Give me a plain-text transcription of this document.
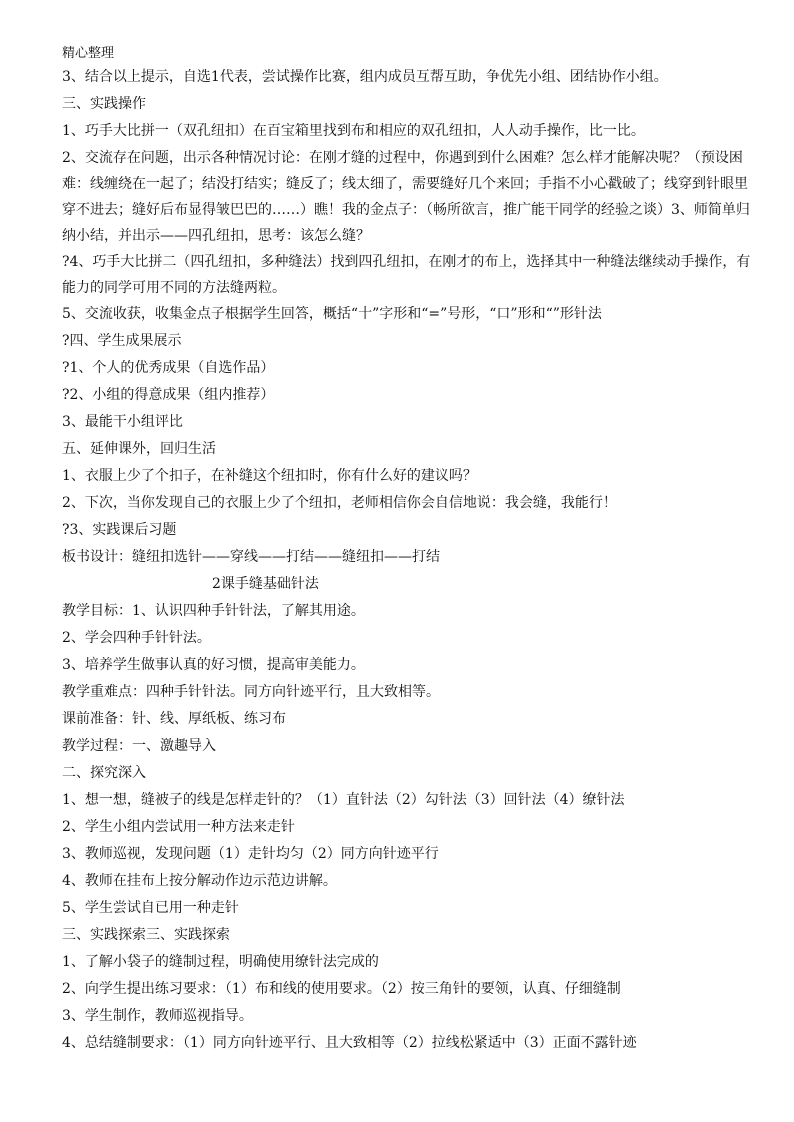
精心整理

3、结合以上提示，自选1代表，尝试操作比赛，组内成员互帮互助，争优先小组、团结协作小组。

三、实践操作

1、巧手大比拼一（双孔纽扣）在百宝箱里找到布和相应的双孔纽扣，人人动手操作，比一比。

2、交流存在问题，出示各种情况讨论：在刚才缝的过程中，你遇到到什么困难？怎么样才能解决呢？（预设困难：线缠绕在一起了；结没打结实；缝反了；线太细了，需要缝好几个来回；手指不小心戳破了；线穿到针眼里穿不进去；缝好后布显得皱巴巴的……）瞧！我的金点子：（畅所欲言，推广能干同学的经验之谈）3、师简单归纳小结，并出示——四孔纽扣，思考：该怎么缝？

?4、巧手大比拼二（四孔纽扣，多种缝法）找到四孔纽扣，在刚才的布上，选择其中一种缝法继续动手操作，有能力的同学可用不同的方法缝两粒。

5、交流收获，收集金点子根据学生回答，概括“十”字形和“=”号形，“口”形和“”形针法

?四、学生成果展示

?1、个人的优秀成果（自选作品）

?2、小组的得意成果（组内推荐）

3、最能干小组评比

五、延伸课外，回归生活

1、衣服上少了个扣子，在补缝这个纽扣时，你有什么好的建议吗？

2、下次，当你发现自己的衣服上少了个纽扣，老师相信你会自信地说：我会缝，我能行！

?3、实践课后习题

板书设计：缝纽扣选针——穿线——打结——缝纽扣——打结

2课手缝基础针法

教学目标：1、认识四种手针针法，了解其用途。

2、学会四种手针针法。

3、培养学生做事认真的好习惯，提高审美能力。

教学重难点：四种手针针法。同方向针迹平行，且大致相等。

课前准备：针、线、厚纸板、练习布

教学过程：一、激趣导入

二、探究深入

1、想一想，缝被子的线是怎样走针的？（1）直针法（2）勾针法（3）回针法（4）缭针法

2、学生小组内尝试用一种方法来走针

3、教师巡视，发现问题（1）走针均匀（2）同方向针迹平行

4、教师在挂布上按分解动作边示范边讲解。

5、学生尝试自已用一种走针

三、实践探索三、实践探索

1、了解小袋子的缝制过程，明确使用缭针法完成的

2、向学生提出练习要求：（1）布和线的使用要求。（2）按三角针的要领，认真、仔细缝制

3、学生制作，教师巡视指导。

4、总结缝制要求：（1）同方向针迹平行、且大致相等（2）拉线松紧适中（3）正面不露针迹
